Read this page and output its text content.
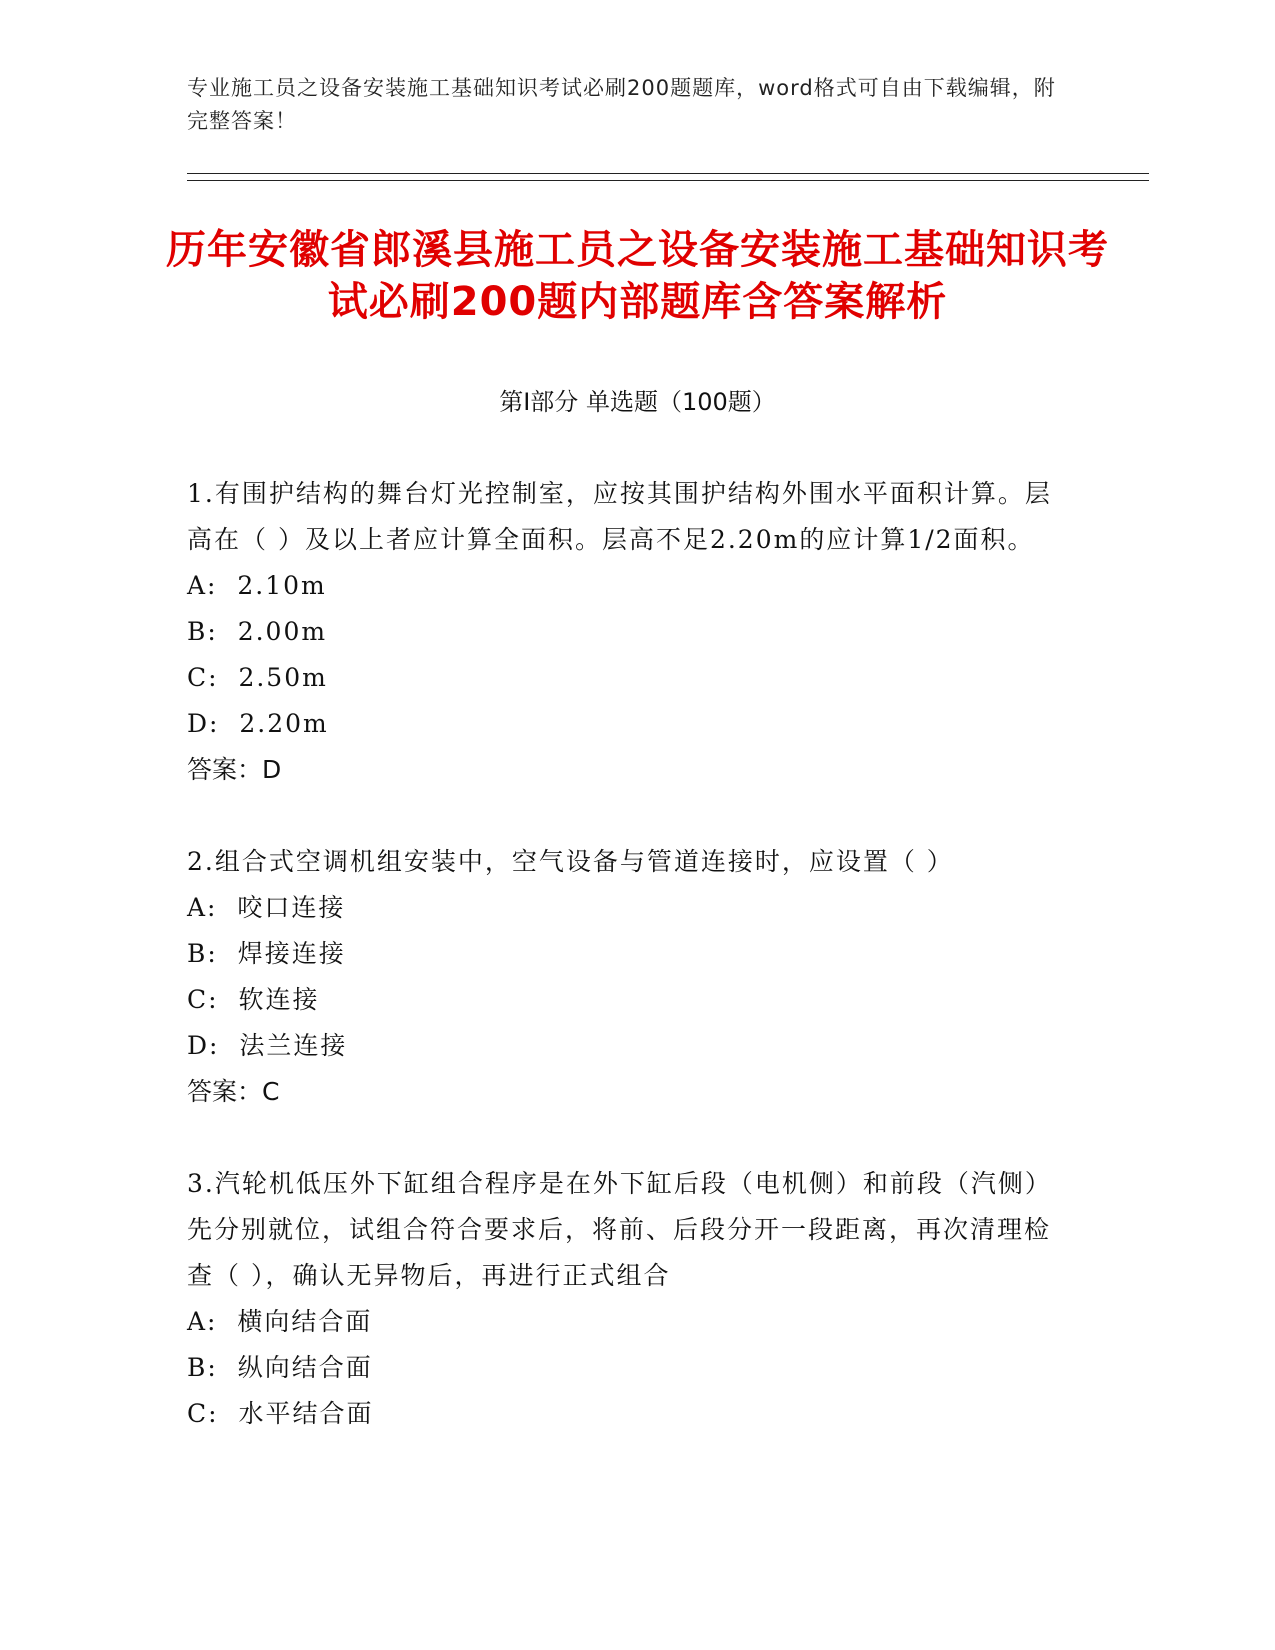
专业施工员之设备安装施工基础知识考试必刷200题题库，word格式可自由下载编辑，附完整答案！
历年安徽省郎溪县施工员之设备安装施工基础知识考试必刷200题内部题库含答案解析
第I部分 单选题（100题）
1.有围护结构的舞台灯光控制室，应按其围护结构外围水平面积计算。层高在（ ）及以上者应计算全面积。层高不足2.20m的应计算1/2面积。
A:  2.10m
B:  2.00m
C:  2.50m
D:  2.20m
答案：D
2.组合式空调机组安装中，空气设备与管道连接时，应设置（ ）
A:  咬口连接
B:  焊接连接
C:  软连接
D:  法兰连接
答案：C
3.汽轮机低压外下缸组合程序是在外下缸后段（电机侧）和前段（汽侧）先分别就位，试组合符合要求后，将前、后段分开一段距离，再次清理检查（ ），确认无异物后，再进行正式组合
A:  横向结合面
B:  纵向结合面
C:  水平结合面
